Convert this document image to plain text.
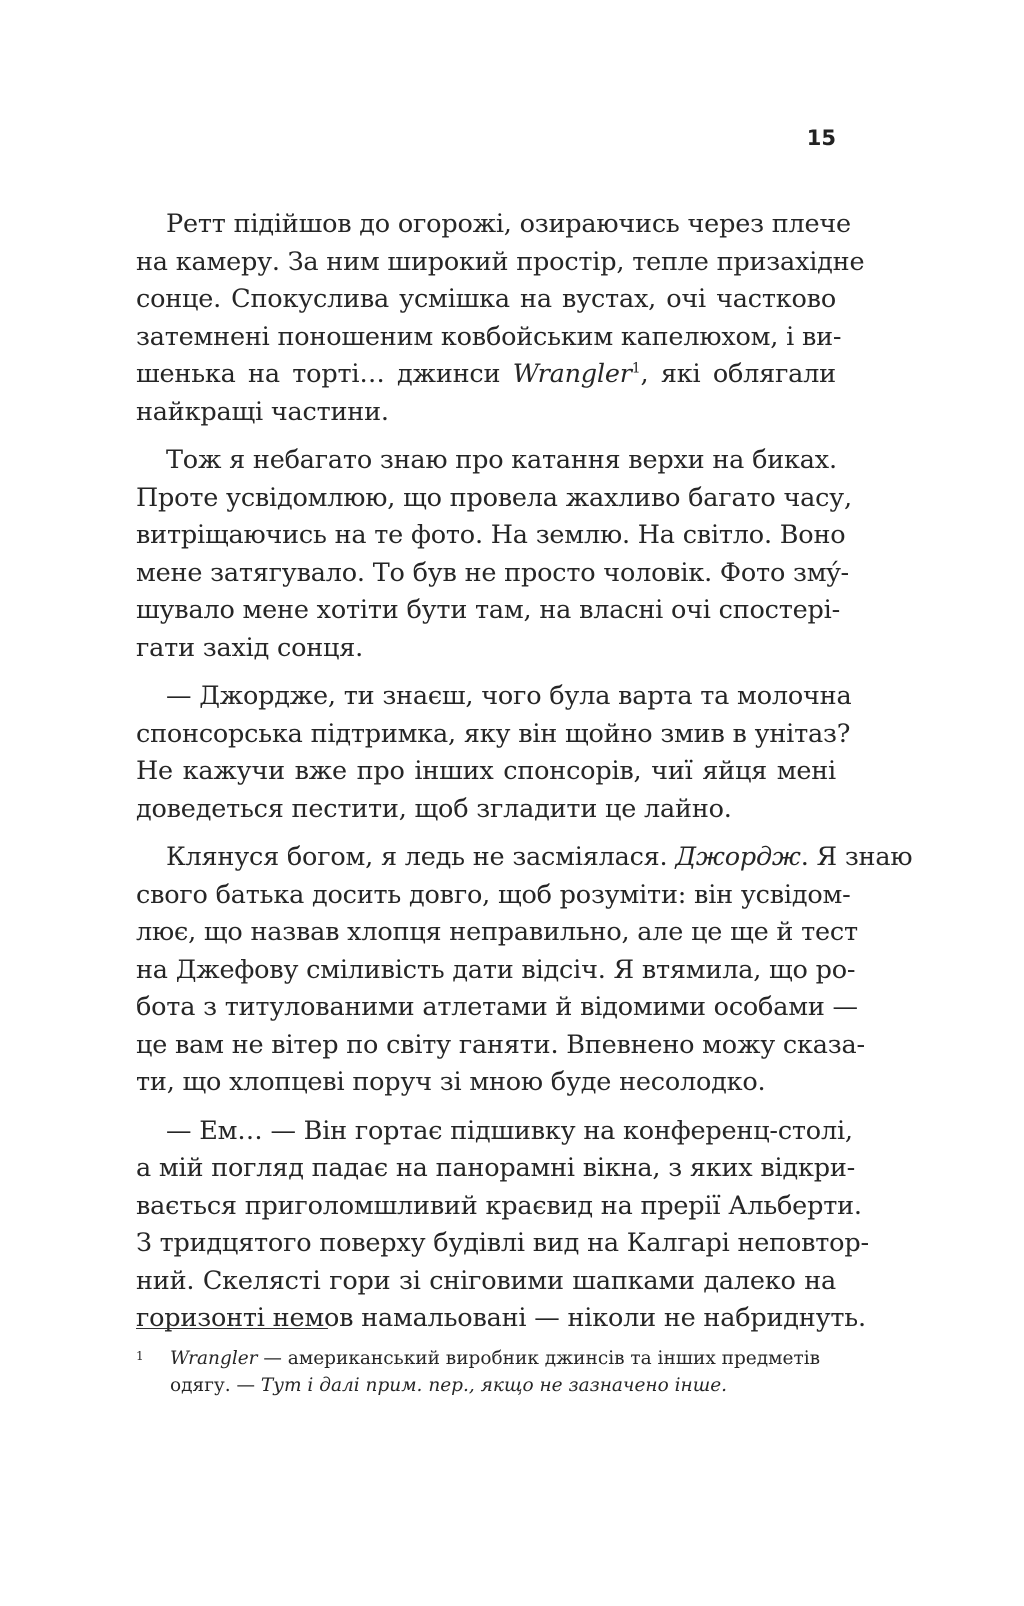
15
Ретт підійшов до огорожі, озираючись через плече
на камеру. За ним широкий простір, тепле призахідне
сонце. Спокуслива усмішка на вустах, очі частково
затемнені поношеним ковбойським капелюхом, і ви-
шенька на торті… джинси Wrangler$^1$, які облягали
найкращі частини.
Тож я небагато знаю про катання верхи на биках.
Проте усвідомлюю, що провела жахливо багато часу,
витріщаючись на те фото. На землю. На світло. Воно
мене затягувало. То був не просто чоловік. Фото змý-
шувало мене хотіти бути там, на власні очі спостері-
гати захід сонця.
— Джордже, ти знаєш, чого була варта та молочна
спонсорська підтримка, яку він щойно змив в унітаз?
Не кажучи вже про інших спонсорів, чиї яйця мені
доведеться пестити, щоб згладити це лайно.
Клянуся богом, я ледь не засміялася. Джордж. Я знаю
свого батька досить довго, щоб розуміти: він усвідом-
лює, що назвав хлопця неправильно, але це ще й тест
на Джефову сміливість дати відсіч. Я втямила, що ро-
бота з титулованими атлетами й відомими особами —
це вам не вітер по світу ганяти. Впевнено можу сказа-
ти, що хлопцеві поруч зі мною буде несолодко.
— Ем… — Він гортає підшивку на конференц-столі,
а мій погляд падає на панорамні вікна, з яких відкри-
вається приголомшливий краєвид на прерії Альберти.
З тридцятого поверху будівлі вид на Калгарі неповтор-
ний. Скелясті гори зі сніговими шапками далеко на
горизонті немов намальовані — ніколи не набриднуть.
1	Wrangler — американський виробник джинсів та інших предметів
одягу. — Тут і далі прим. пер., якщо не зазначено інше.
